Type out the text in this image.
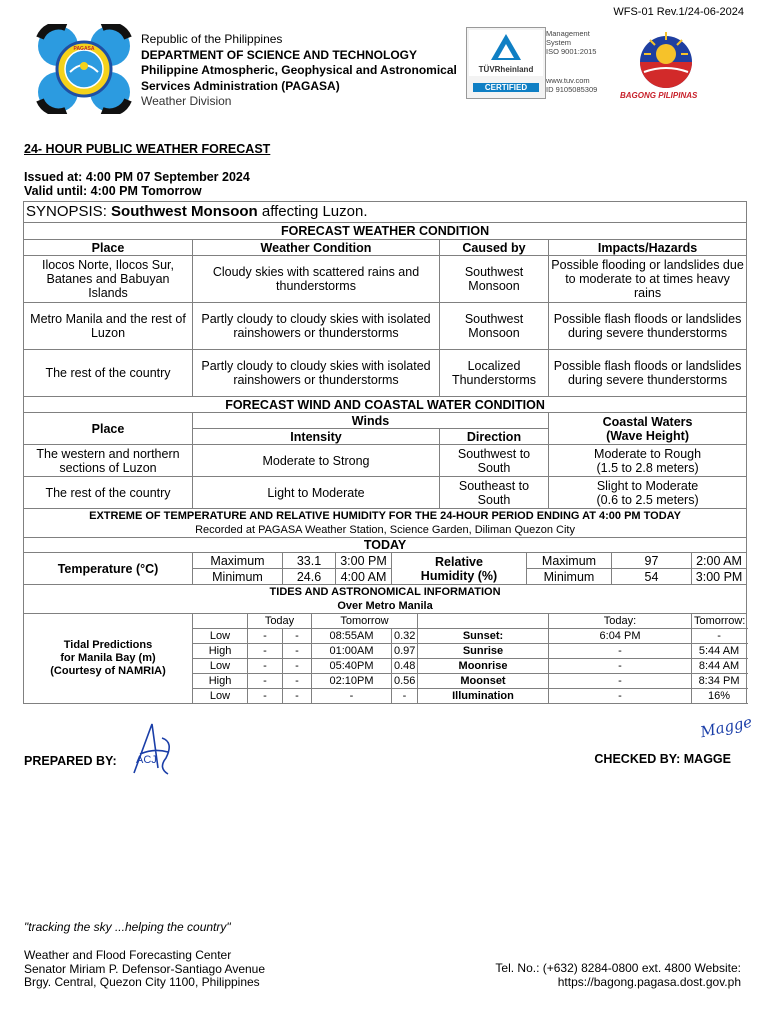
WFS-01 Rev.1/24-06-2024
PAGASA
Republic of the Philippines
DEPARTMENT OF SCIENCE AND TECHNOLOGY
Philippine Atmospheric, Geophysical and Astronomical
Services Administration (PAGASA)
Weather Division
TÜVRheinland
CERTIFIED
Management
System
ISO 9001:2015
www.tuv.com
ID 9105085309
BAGONG PILIPINAS
24- HOUR PUBLIC WEATHER FORECAST
Issued at: 4:00 PM 07 September 2024
Valid until: 4:00 PM Tomorrow
SYNOPSIS: Southwest Monsoon affecting Luzon.												
FORECAST WEATHER CONDITION												
Place	Weather Condition							Caused by		Impacts/Hazards		
Ilocos Norte, Ilocos Sur, Batanes and Babuyan Islands	Cloudy skies with scattered rains and thunderstorms							Southwest Monsoon		Possible flooding or landslides due to moderate to at times heavy rains		
Metro Manila and the rest of Luzon	Partly cloudy to cloudy skies with isolated rainshowers or thunderstorms							Southwest Monsoon		Possible flash floods or landslides during severe thunderstorms		
The rest of the country	Partly cloudy to cloudy skies with isolated rainshowers or thunderstorms							Localized Thunderstorms		Possible flash floods or landslides during severe thunderstorms		
FORECAST WIND AND COASTAL WATER CONDITION												
Place	Winds									Coastal Waters
(Wave Height)		

	Intensity							Direction				
The western and northern sections of Luzon	Moderate to Strong							Southwest to South		Moderate to Rough
(1.5 to 2.8 meters)		

The rest of the country	Light to Moderate							Southeast to South		Slight to Moderate
(0.6 to 2.5 meters)		

EXTREME OF TEMPERATURE AND RELATIVE HUMIDITY FOR THE 24-HOUR PERIOD ENDING AT 4:00 PM TODAY
Recorded at PAGASA Weather Station, Science Garden, Diliman Quezon City												

TODAY												
Temperature (°C)	Maximum		33.1		3:00 PM	Relative
Humidity (%)			Maximum		97	2:00 AM
	Minimum		24.6		4:00 AM				Minimum		54	3:00 PM

TIDES AND ASTRONOMICAL INFORMATION
Over Metro Manila												

Tidal Predictions
for Manila Bay (m)
(Courtesy of NAMRIA)		Today		Tomorrow						Today:		Tomorrow:
	Low	-	-	08:55AM		0.32	Sunset:			6:04 PM		-
	High	-	-	01:00AM		0.97	Sunrise			-		5:44 AM
	Low	-	-	05:40PM		0.48	Moonrise			-		8:44 AM
	High	-	-	02:10PM		0.56	Moonset			-		8:34 PM
	Low	-	-	-		-	Illumination			-		16%
PREPARED BY: ACJ	CHECKED BY: MAGGE
Magge
"tracking the sky ...helping the country"
Weather and Flood Forecasting Center
Senator Miriam P. Defensor-Santiago Avenue
Brgy. Central, Quezon City 1100, Philippines
Tel. No.: (+632) 8284-0800 ext. 4800 Website:
https://bagong.pagasa.dost.gov.ph
